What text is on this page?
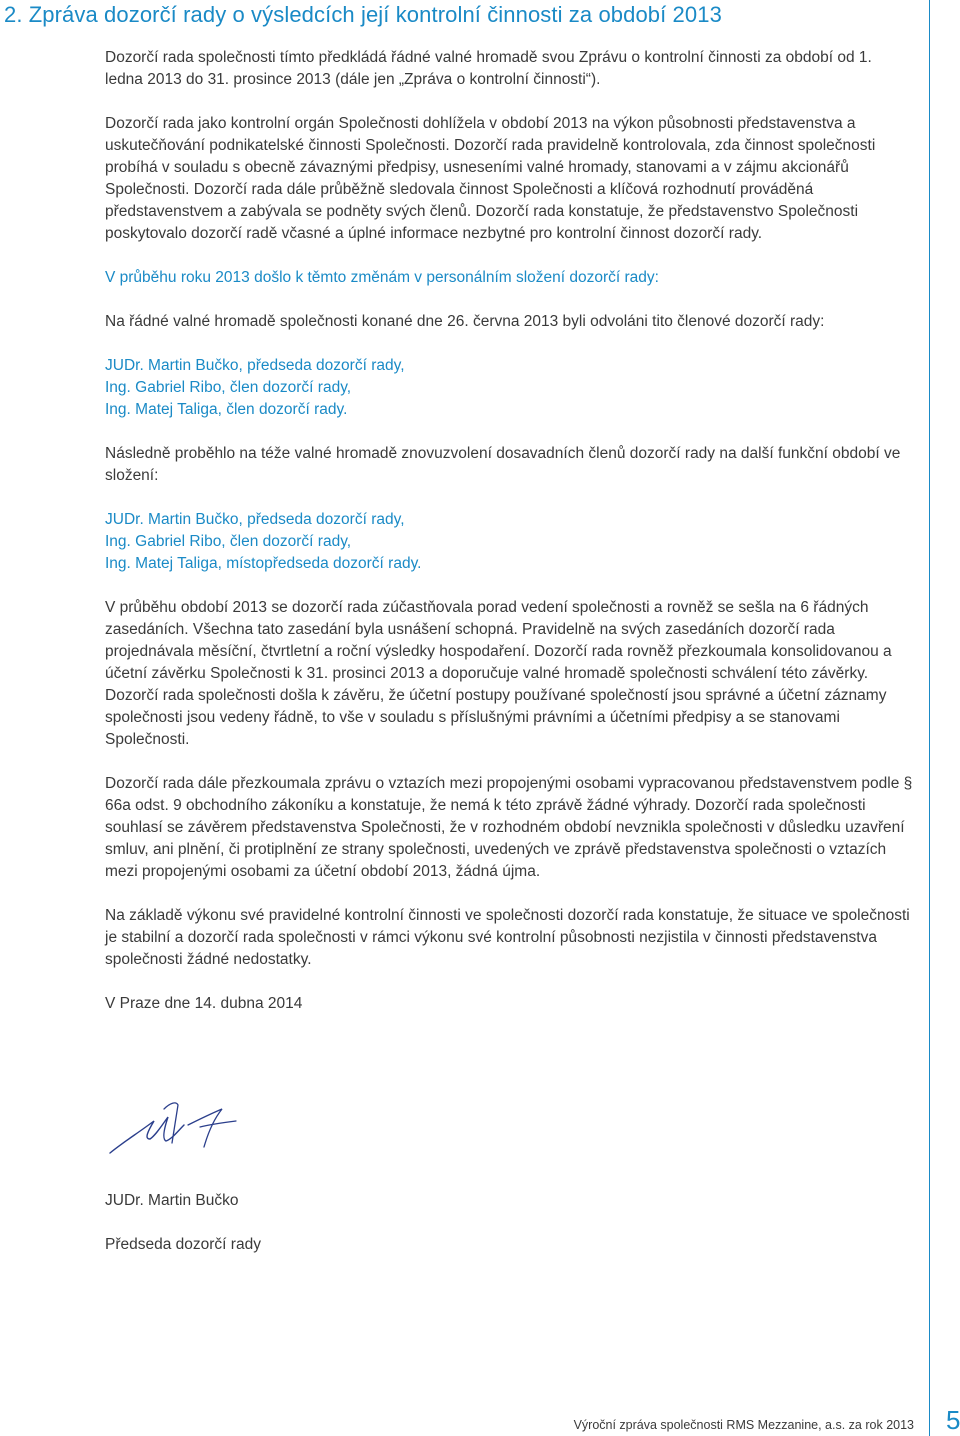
2. Zpráva dozorčí rady o výsledcích její kontrolní činnosti za období 2013

Dozorčí rada společnosti tímto předkládá řádné valné hromadě svou Zprávu o kontrolní činnosti za období od 1. ledna 2013 do 31. prosince 2013 (dále jen „Zpráva o kontrolní činnosti“).

Dozorčí rada jako kontrolní orgán Společnosti dohlížela v období 2013 na výkon působnosti představenstva a uskutečňování podnikatelské činnosti Společnosti. Dozorčí rada pravidelně kontrolovala, zda činnost společnosti probíhá v souladu s obecně závaznými předpisy, usneseními valné hromady, stanovami a v zájmu akcionářů Společnosti. Dozorčí rada dále průběžně sledovala činnost Společnosti a klíčová rozhodnutí prováděná představenstvem a zabývala se podněty svých členů. Dozorčí rada konstatuje, že představenstvo Společnosti poskytovalo dozorčí radě včasné a úplné informace nezbytné pro kontrolní činnost dozorčí rady.

V průběhu roku 2013 došlo k těmto změnám v personálním složení dozorčí rady:

Na řádné valné hromadě společnosti konané dne 26. června 2013 byli odvoláni tito členové dozorčí rady:

JUDr. Martin Bučko, předseda dozorčí rady,

Ing. Gabriel Ribo, člen dozorčí rady,

Ing. Matej Taliga, člen dozorčí rady.

Následně proběhlo na téže valné hromadě znovuzvolení dosavadních členů dozorčí rady na další funkční období ve složení:

JUDr. Martin Bučko, předseda dozorčí rady,

Ing. Gabriel Ribo, člen dozorčí rady,

Ing. Matej Taliga, místopředseda dozorčí rady.

V průběhu období 2013 se dozorčí rada zúčastňovala porad vedení společnosti a rovněž se sešla na 6 řádných zasedáních. Všechna tato zasedání byla usnášení schopná. Pravidelně na svých zasedáních dozorčí rada projednávala měsíční, čtvrtletní a roční výsledky hospodaření. Dozorčí rada rovněž přezkoumala konsolidovanou a účetní závěrku Společnosti k 31. prosinci 2013 a doporučuje valné hromadě společnosti schválení této závěrky. Dozorčí rada společnosti došla k závěru, že účetní postupy používané společností jsou správné a účetní záznamy společnosti jsou vedeny řádně, to vše v souladu s příslušnými právními a účetními předpisy a se stanovami Společnosti.

Dozorčí rada dále přezkoumala zprávu o vztazích mezi propojenými osobami vypracovanou představenstvem podle § 66a odst. 9 obchodního zákoníku a konstatuje, že nemá k této zprávě žádné výhrady. Dozorčí rada společnosti souhlasí se závěrem představenstva Společnosti, že v rozhodném období nevznikla společnosti v důsledku uzavření smluv, ani plnění, či protiplnění ze strany společnosti, uvedených ve zprávě představenstva společnosti o vztazích mezi propojenými osobami za účetní období 2013, žádná újma.

Na základě výkonu své pravidelné kontrolní činnosti ve společnosti dozorčí rada konstatuje, že situace ve společnosti je stabilní a dozorčí rada společnosti v rámci výkonu své kontrolní působnosti nezjistila v činnosti představenstva společnosti žádné nedostatky.

V Praze dne 14. dubna 2014

JUDr. Martin Bučko
Předseda dozorčí rady
Výroční zpráva společnosti RMS Mezzanine, a.s. za rok 2013 5
